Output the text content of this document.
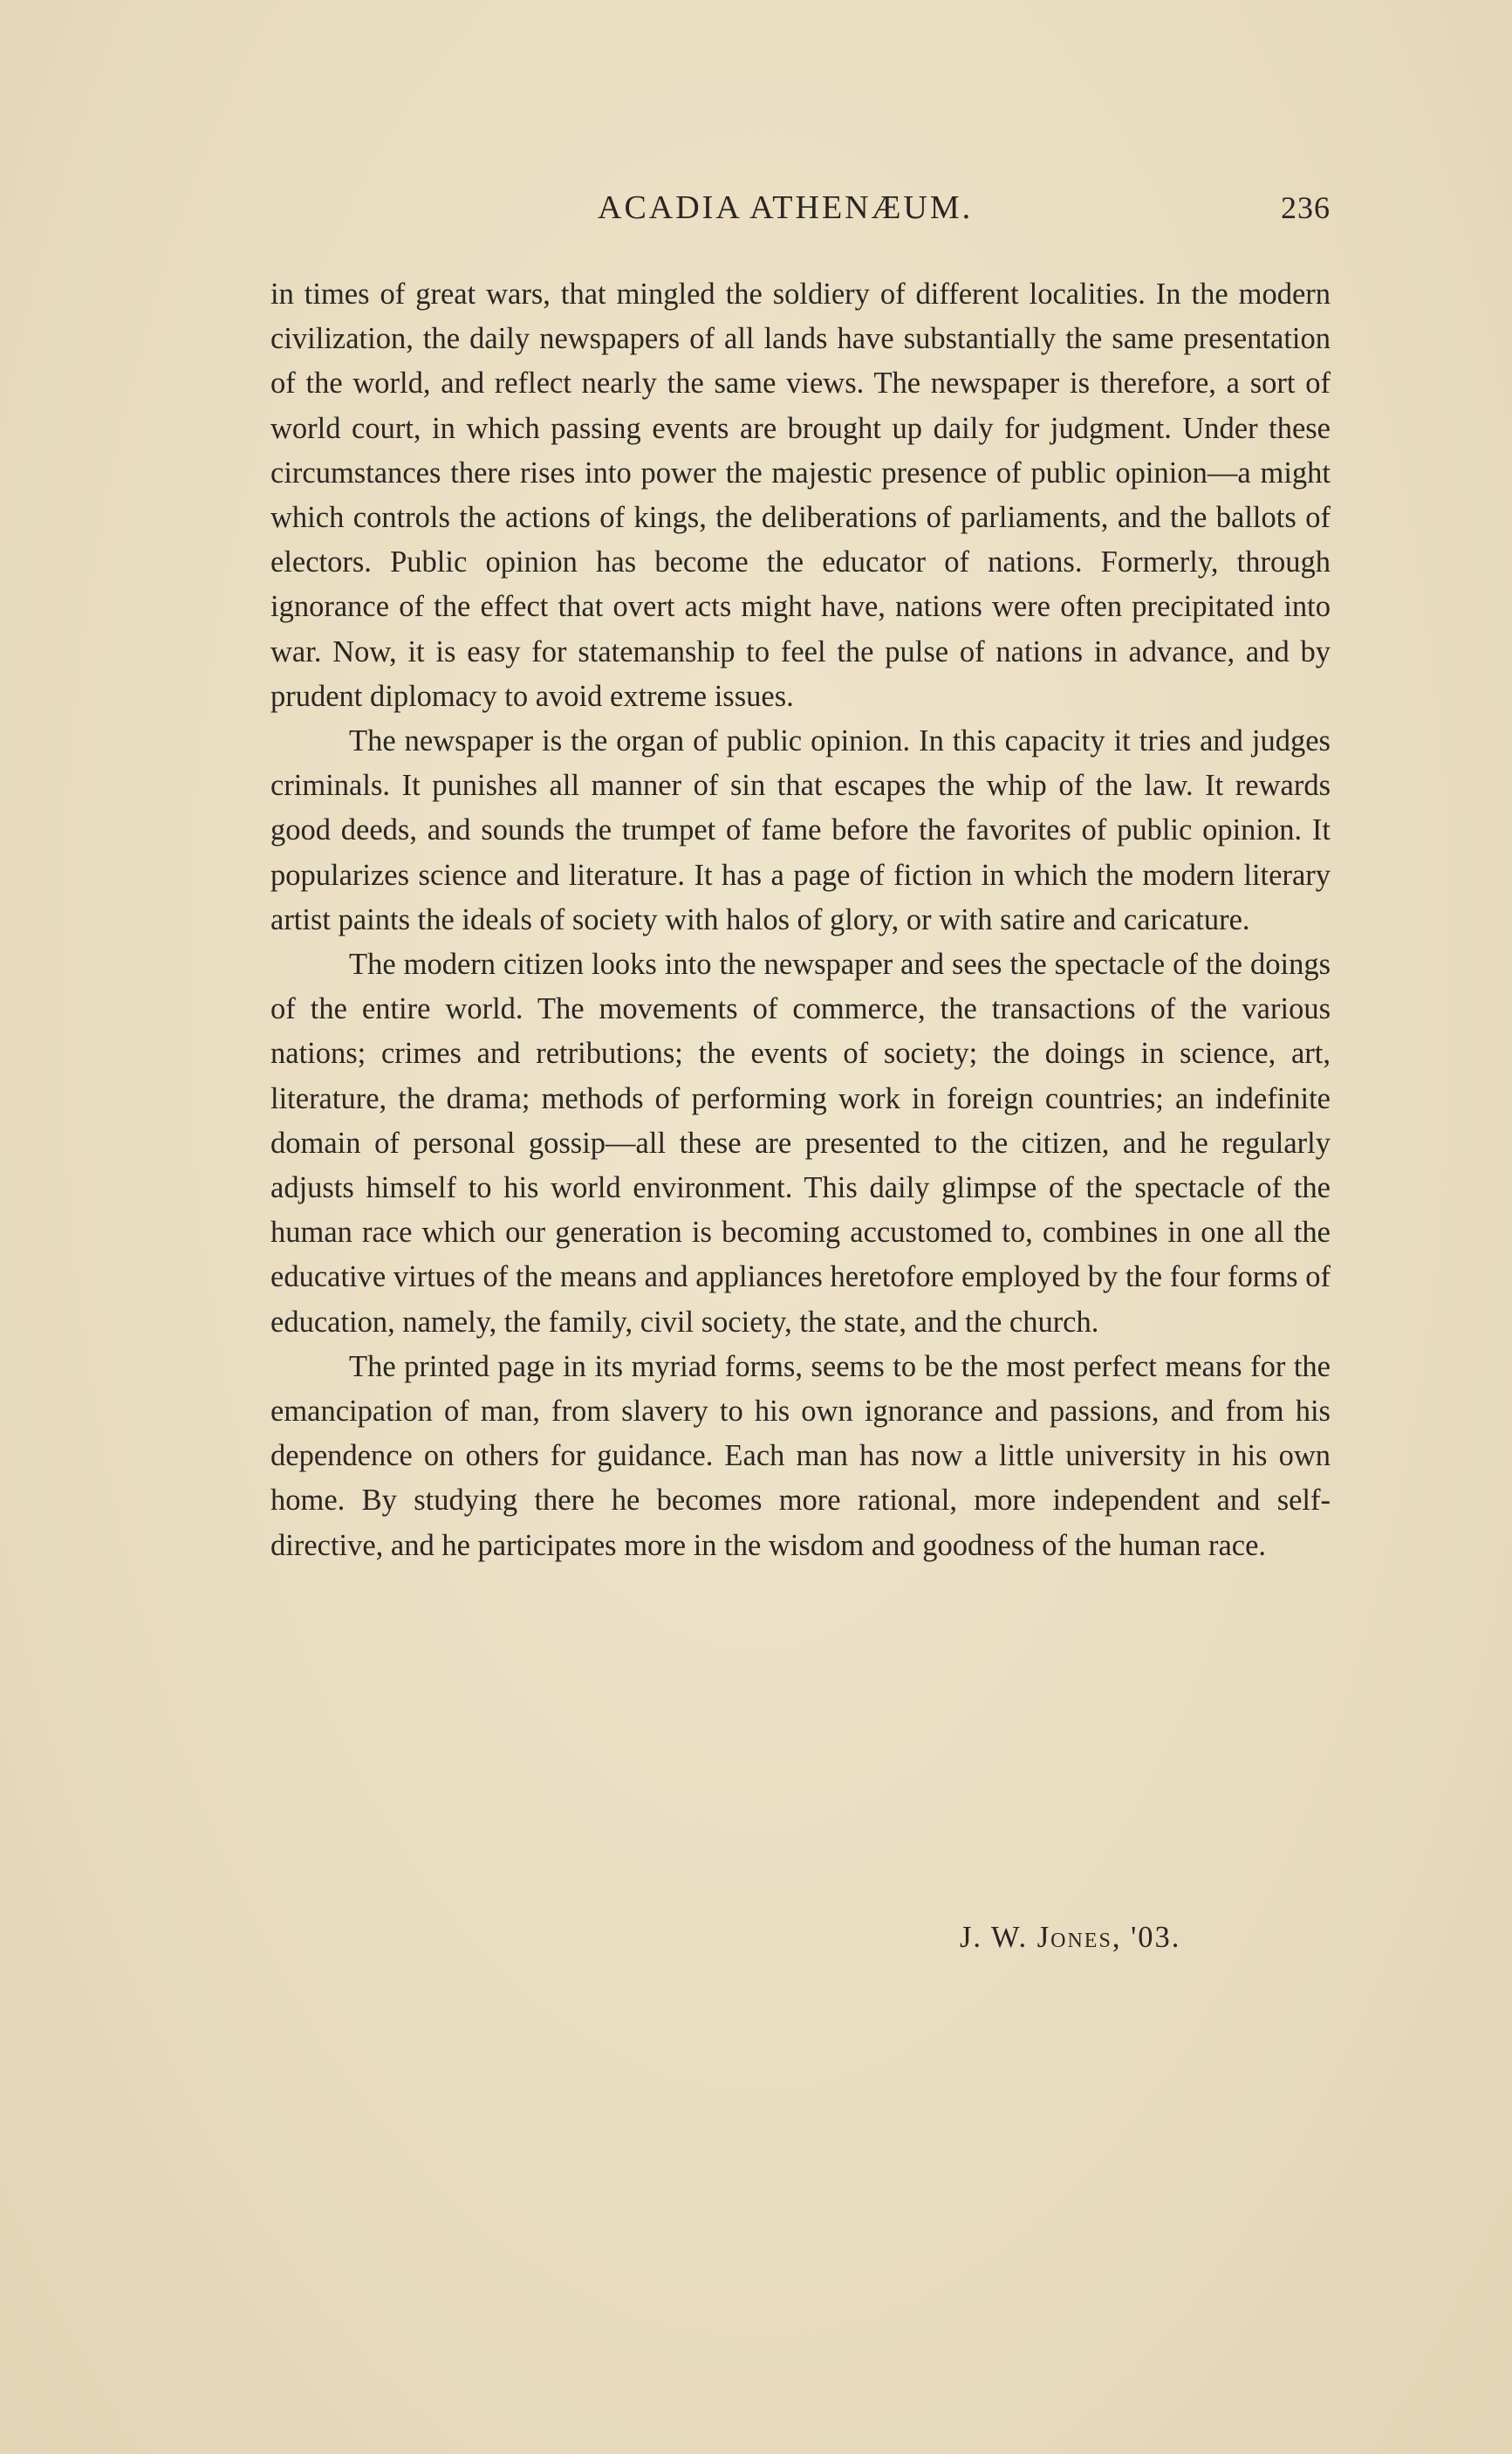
ACADIA ATHENÆUM.	236

in times of great wars, that mingled the soldiery of different localities. In the modern civilization, the daily newspapers of all lands have substantially the same presentation of the world, and reflect nearly the same views. The newspaper is therefore, a sort of world court, in which passing events are brought up daily for judgment. Under these circumstances there rises into power the majestic presence of public opinion—a might which controls the actions of kings, the deliberations of parliaments, and the ballots of electors. Public opinion has become the educator of nations. Formerly, through ignorance of the effect that overt acts might have, nations were often precipitated into war. Now, it is easy for statemanship to feel the pulse of nations in advance, and by prudent diplomacy to avoid extreme issues.

The newspaper is the organ of public opinion. In this capacity it tries and judges criminals. It punishes all manner of sin that escapes the whip of the law. It rewards good deeds, and sounds the trumpet of fame before the favorites of public opinion. It popularizes science and literature. It has a page of fiction in which the modern literary artist paints the ideals of society with halos of glory, or with satire and caricature.

The modern citizen looks into the newspaper and sees the spectacle of the doings of the entire world. The movements of commerce, the transactions of the various nations; crimes and retributions; the events of society; the doings in science, art, literature, the drama; methods of performing work in foreign countries; an indefinite domain of personal gossip—all these are presented to the citizen, and he regularly adjusts himself to his world environment. This daily glimpse of the spectacle of the human race which our generation is becoming accustomed to, combines in one all the educative virtues of the means and appliances heretofore employed by the four forms of education, namely, the family, civil society, the state, and the church.

The printed page in its myriad forms, seems to be the most perfect means for the emancipation of man, from slavery to his own ignorance and passions, and from his dependence on others for guidance. Each man has now a little university in his own home. By studying there he becomes more rational, more independent and self-directive, and he participates more in the wisdom and goodness of the human race.

J. W. Jones, '03.
